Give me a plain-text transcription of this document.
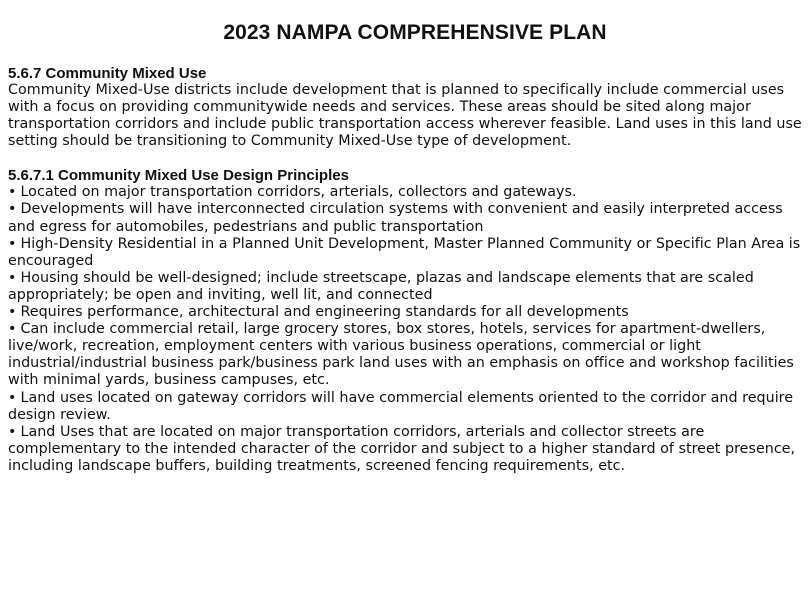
2023 NAMPA COMPREHENSIVE PLAN
5.6.7 Community Mixed Use

Community Mixed-Use districts include development that is planned to specifically include commercial uses with a focus on providing communitywide needs and services. These areas should be sited along major transportation corridors and include public transportation access wherever feasible. Land uses in this land use setting should be transitioning to Community Mixed-Use type of development.

5.6.7.1 Community Mixed Use Design Principles
• Located on major transportation corridors, arterials, collectors and gateways.
• Developments will have interconnected circulation systems with convenient and easily interpreted access and egress for automobiles, pedestrians and public transportation
• High-Density Residential in a Planned Unit Development, Master Planned Community or Specific Plan Area is encouraged
• Housing should be well-designed; include streetscape, plazas and landscape elements that are scaled appropriately; be open and inviting, well lit, and connected
• Requires performance, architectural and engineering standards for all developments
• Can include commercial retail, large grocery stores, box stores, hotels, services for apartment-dwellers, live/work, recreation, employment centers with various business operations, commercial or light industrial/industrial business park/business park land uses with an emphasis on office and workshop facilities with minimal yards, business campuses, etc.
• Land uses located on gateway corridors will have commercial elements oriented to the corridor and require design review.
• Land Uses that are located on major transportation corridors, arterials and collector streets are complementary to the intended character of the corridor and subject to a higher standard of street presence, including landscape buffers, building treatments, screened fencing requirements, etc.
